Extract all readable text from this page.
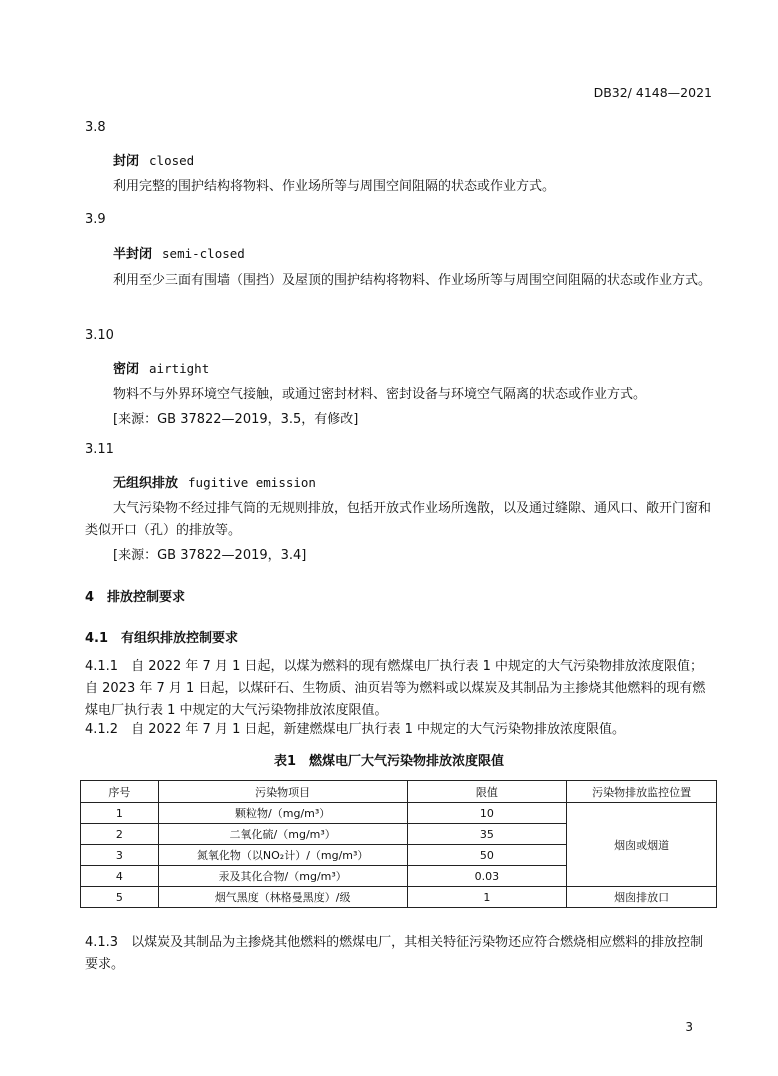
DB32/ 4148—2021
3.8
封闭 closed
利用完整的围护结构将物料、作业场所等与周围空间阻隔的状态或作业方式。
3.9
半封闭 semi-closed
利用至少三面有围墙（围挡）及屋顶的围护结构将物料、作业场所等与周围空间阻隔的状态或作业方式。
3.10
密闭 airtight
物料不与外界环境空气接触，或通过密封材料、密封设备与环境空气隔离的状态或作业方式。
[来源：GB 37822—2019，3.5，有修改]
3.11
无组织排放 fugitive emission
大气污染物不经过排气筒的无规则排放，包括开放式作业场所逸散，以及通过缝隙、通风口、敞开门窗和类似开口（孔）的排放等。
[来源：GB 37822—2019，3.4]
4　排放控制要求
4.1　有组织排放控制要求
4.1.1　自 2022 年 7 月 1 日起，以煤为燃料的现有燃煤电厂执行表 1 中规定的大气污染物排放浓度限值；自 2023 年 7 月 1 日起，以煤矸石、生物质、油页岩等为燃料或以煤炭及其制品为主掺烧其他燃料的现有燃煤电厂执行表 1 中规定的大气污染物排放浓度限值。
4.1.2　自 2022 年 7 月 1 日起，新建燃煤电厂执行表 1 中规定的大气污染物排放浓度限值。
表1　燃煤电厂大气污染物排放浓度限值
序号	污染物项目	限值	污染物排放监控位置
1	颗粒物/（mg/m³）	10	烟囱或烟道
2	二氧化硫/（mg/m³）	35	
3	氮氧化物（以NO₂计）/（mg/m³）	50	
4	汞及其化合物/（mg/m³）	0.03	
5	烟气黑度（林格曼黑度）/级	1	烟囱排放口
4.1.3　以煤炭及其制品为主掺烧其他燃料的燃煤电厂，其相关特征污染物还应符合燃烧相应燃料的排放控制要求。
3
